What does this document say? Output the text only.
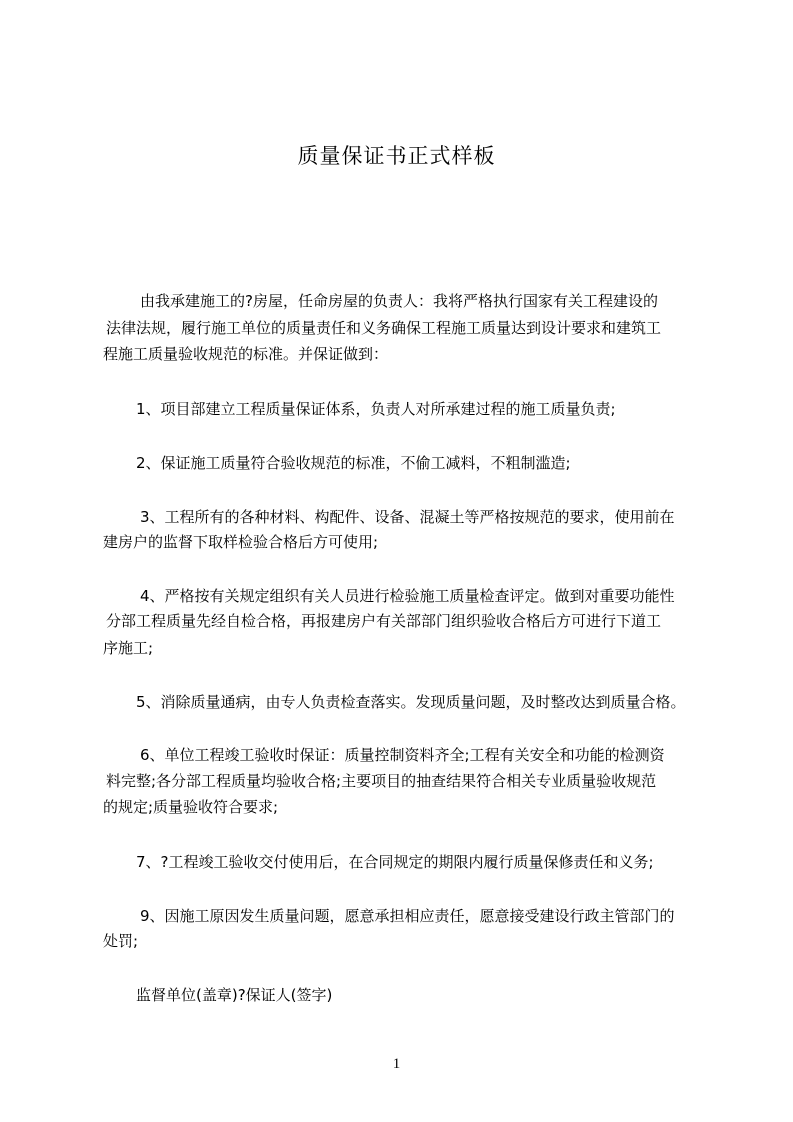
质量保证书正式样板
由我承建施工的?房屋，任命房屋的负责人：我将严格执行国家有关工程建设的
法律法规，履行施工单位的质量责任和义务确保工程施工质量达到设计要求和建筑工
程施工质量验收规范的标准。并保证做到：
1、项目部建立工程质量保证体系，负责人对所承建过程的施工质量负责;
2、保证施工质量符合验收规范的标准，不偷工减料，不粗制滥造;
3、工程所有的各种材料、构配件、设备、混凝土等严格按规范的要求，使用前在
建房户的监督下取样检验合格后方可使用;
4、严格按有关规定组织有关人员进行检验施工质量检查评定。做到对重要功能性
分部工程质量先经自检合格，再报建房户有关部部门组织验收合格后方可进行下道工
序施工;
5、消除质量通病，由专人负责检查落实。发现质量问题，及时整改达到质量合格。
6、单位工程竣工验收时保证：质量控制资料齐全;工程有关安全和功能的检测资
料完整;各分部工程质量均验收合格;主要项目的抽查结果符合相关专业质量验收规范
的规定;质量验收符合要求;
7、?工程竣工验收交付使用后，在合同规定的期限内履行质量保修责任和义务;
9、因施工原因发生质量问题，愿意承担相应责任，愿意接受建设行政主管部门的
处罚;
监督单位(盖章)?保证人(签字)
1
